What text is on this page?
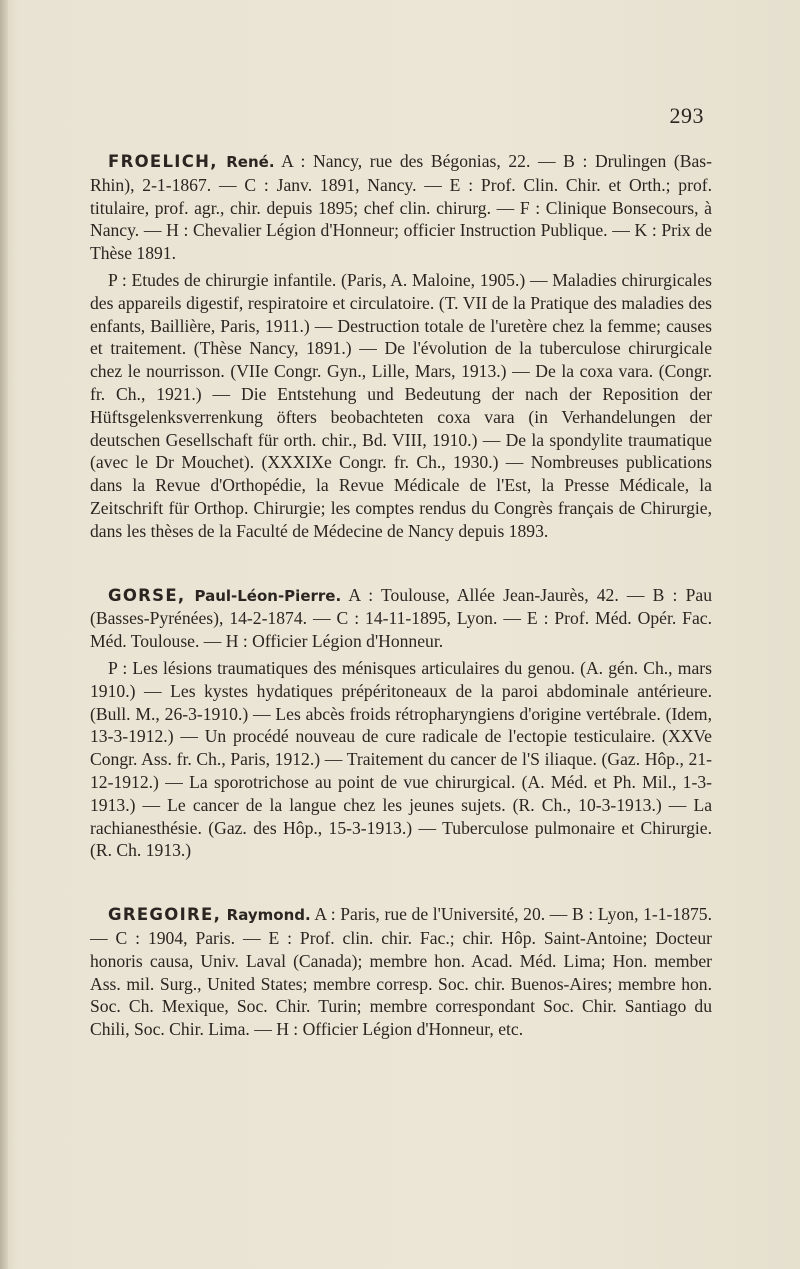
293

FROELICH, René. A : Nancy, rue des Bégonias, 22. — B : Drulingen (Bas-Rhin), 2-1-1867. — C : Janv. 1891, Nancy. — E : Prof. Clin. Chir. et Orth.; prof. titulaire, prof. agr., chir. depuis 1895; chef clin. chirurg. — F : Clinique Bonsecours, à Nancy. — H : Chevalier Légion d'Honneur; officier Instruction Publique. — K : Prix de Thèse 1891.

P : Etudes de chirurgie infantile. (Paris, A. Maloine, 1905.) — Maladies chirurgicales des appareils digestif, respiratoire et circulatoire. (T. VII de la Pratique des maladies des enfants, Baillière, Paris, 1911.) — Destruction totale de l'uretère chez la femme; causes et traitement. (Thèse Nancy, 1891.) — De l'évolution de la tuberculose chirurgicale chez le nourrisson. (VIIe Congr. Gyn., Lille, Mars, 1913.) — De la coxa vara. (Congr. fr. Ch., 1921.) — Die Entstehung und Bedeutung der nach der Reposition der Hüftsgelenksverrenkung öfters beobachteten coxa vara (in Verhandelungen der deutschen Gesellschaft für orth. chir., Bd. VIII, 1910.) — De la spondylite traumatique (avec le Dr Mouchet). (XXXIXe Congr. fr. Ch., 1930.) — Nombreuses publications dans la Revue d'Orthopédie, la Revue Médicale de l'Est, la Presse Médicale, la Zeitschrift für Orthop. Chirurgie; les comptes rendus du Congrès français de Chirurgie, dans les thèses de la Faculté de Médecine de Nancy depuis 1893.

GORSE, Paul-Léon-Pierre. A : Toulouse, Allée Jean-Jaurès, 42. — B : Pau (Basses-Pyrénées), 14-2-1874. — C : 14-11-1895, Lyon. — E : Prof. Méd. Opér. Fac. Méd. Toulouse. — H : Officier Légion d'Honneur.

P : Les lésions traumatiques des ménisques articulaires du genou. (A. gén. Ch., mars 1910.) — Les kystes hydatiques prépéritoneaux de la paroi abdominale antérieure. (Bull. M., 26-3-1910.) — Les abcès froids rétropharyngiens d'origine vertébrale. (Idem, 13-3-1912.) — Un procédé nouveau de cure radicale de l'ectopie testiculaire. (XXVe Congr. Ass. fr. Ch., Paris, 1912.) — Traitement du cancer de l'S iliaque. (Gaz. Hôp., 21-12-1912.) — La sporotrichose au point de vue chirurgical. (A. Méd. et Ph. Mil., 1-3-1913.) — Le cancer de la langue chez les jeunes sujets. (R. Ch., 10-3-1913.) — La rachianesthésie. (Gaz. des Hôp., 15-3-1913.) — Tuberculose pulmonaire et Chirurgie. (R. Ch. 1913.)

GREGOIRE, Raymond. A : Paris, rue de l'Université, 20. — B : Lyon, 1-1-1875. — C : 1904, Paris. — E : Prof. clin. chir. Fac.; chir. Hôp. Saint-Antoine; Docteur honoris causa, Univ. Laval (Canada); membre hon. Acad. Méd. Lima; Hon. member Ass. mil. Surg., United States; membre corresp. Soc. chir. Buenos-Aires; membre hon. Soc. Ch. Mexique, Soc. Chir. Turin; membre correspondant Soc. Chir. Santiago du Chili, Soc. Chir. Lima. — H : Officier Légion d'Honneur, etc.
